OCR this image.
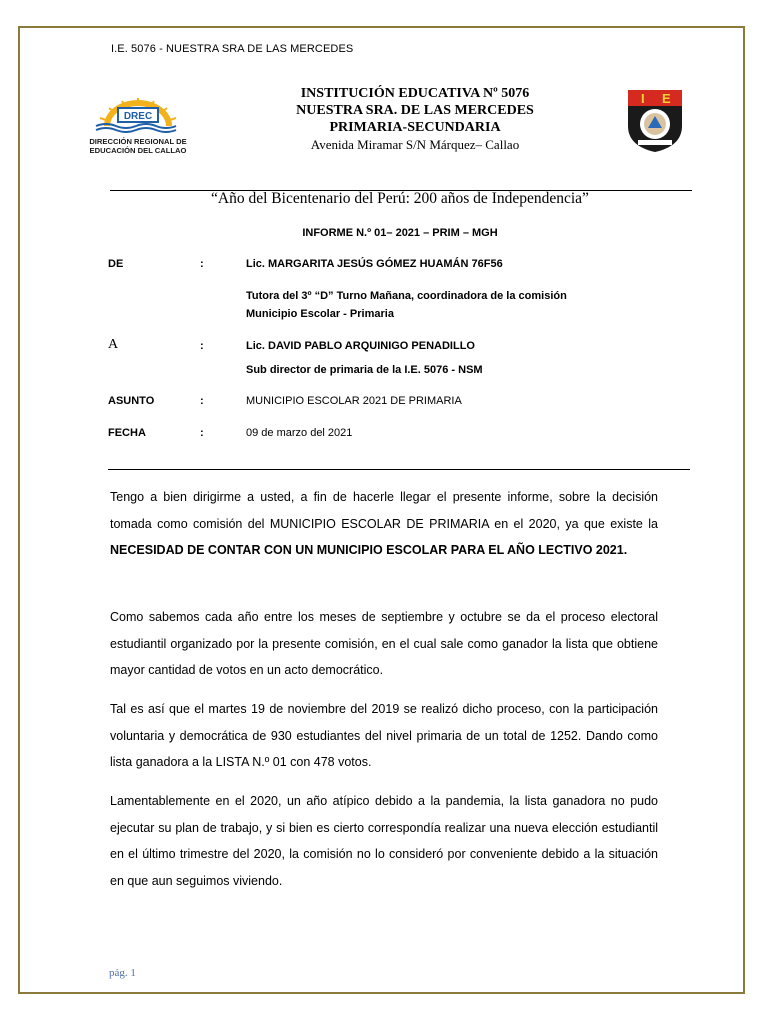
I.E. 5076 - NUESTRA SRA DE LAS MERCEDES
DREC
DIRECCIÓN REGIONAL DE
EDUCACIÓN DEL CALLAO
INSTITUCIÓN EDUCATIVA Nº 5076
NUESTRA SRA. DE LAS MERCEDES
PRIMARIA-SECUNDARIA
Avenida Miramar S/N Márquez– Callao
I E
“Año del Bicentenario del Perú: 200 años de Independencia”
INFORME N.º 01– 2021 – PRIM – MGH
DE	:	Lic. MARGARITA JESÚS GÓMEZ HUAMÁN 76F56
Tutora del 3º “D” Turno Mañana, coordinadora de la comisión
Municipio Escolar - Primaria
A	:	Lic. DAVID PABLO ARQUINIGO PENADILLO
Sub director de primaria de la I.E. 5076 - NSM
ASUNTO	:	MUNICIPIO ESCOLAR 2021 DE PRIMARIA
FECHA	:	09 de marzo del 2021
Tengo a bien dirigirme a usted, a fin de hacerle llegar el presente informe, sobre la decisión tomada como comisión del MUNICIPIO ESCOLAR DE PRIMARIA en el 2020, ya que existe la NECESIDAD DE CONTAR CON UN MUNICIPIO ESCOLAR PARA EL AÑO LECTIVO 2021.
Como sabemos cada año entre los meses de septiembre y octubre se da el proceso electoral estudiantil organizado por la presente comisión, en el cual sale como ganador la lista que obtiene mayor cantidad de votos en un acto democrático.
Tal es así que el martes 19 de noviembre del 2019 se realizó dicho proceso, con la participación voluntaria y democrática de 930 estudiantes del nivel primaria de un total de 1252. Dando como lista ganadora a la LISTA N.º 01 con 478 votos.
Lamentablemente en el 2020, un año atípico debido a la pandemia, la lista ganadora no pudo ejecutar su plan de trabajo, y si bien es cierto correspondía realizar una nueva elección estudiantil en el último trimestre del 2020, la comisión no lo consideró por conveniente debido a la situación en que aun seguimos viviendo.
pág. 1
